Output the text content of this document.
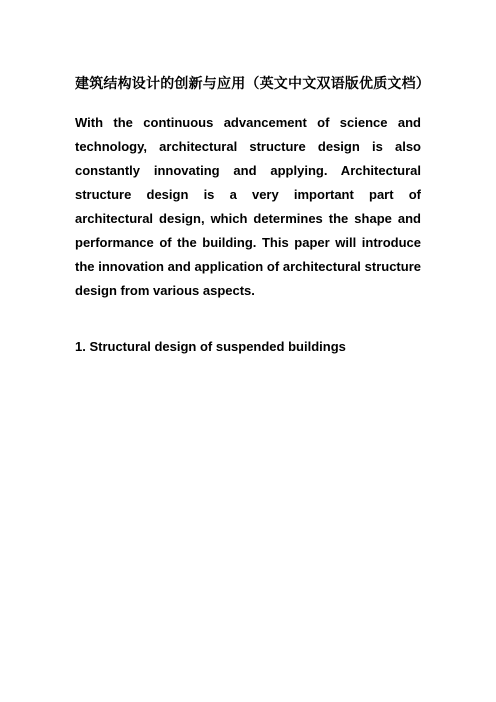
建筑结构设计的创新与应用（英文中文双语版优质文档）

With the continuous advancement of science and technology, architectural structure design is also constantly innovating and applying. Architectural structure design is a very important part of architectural design, which determines the shape and performance of the building. This paper will introduce the innovation and application of architectural structure design from various aspects.

1. Structural design of suspended buildings
